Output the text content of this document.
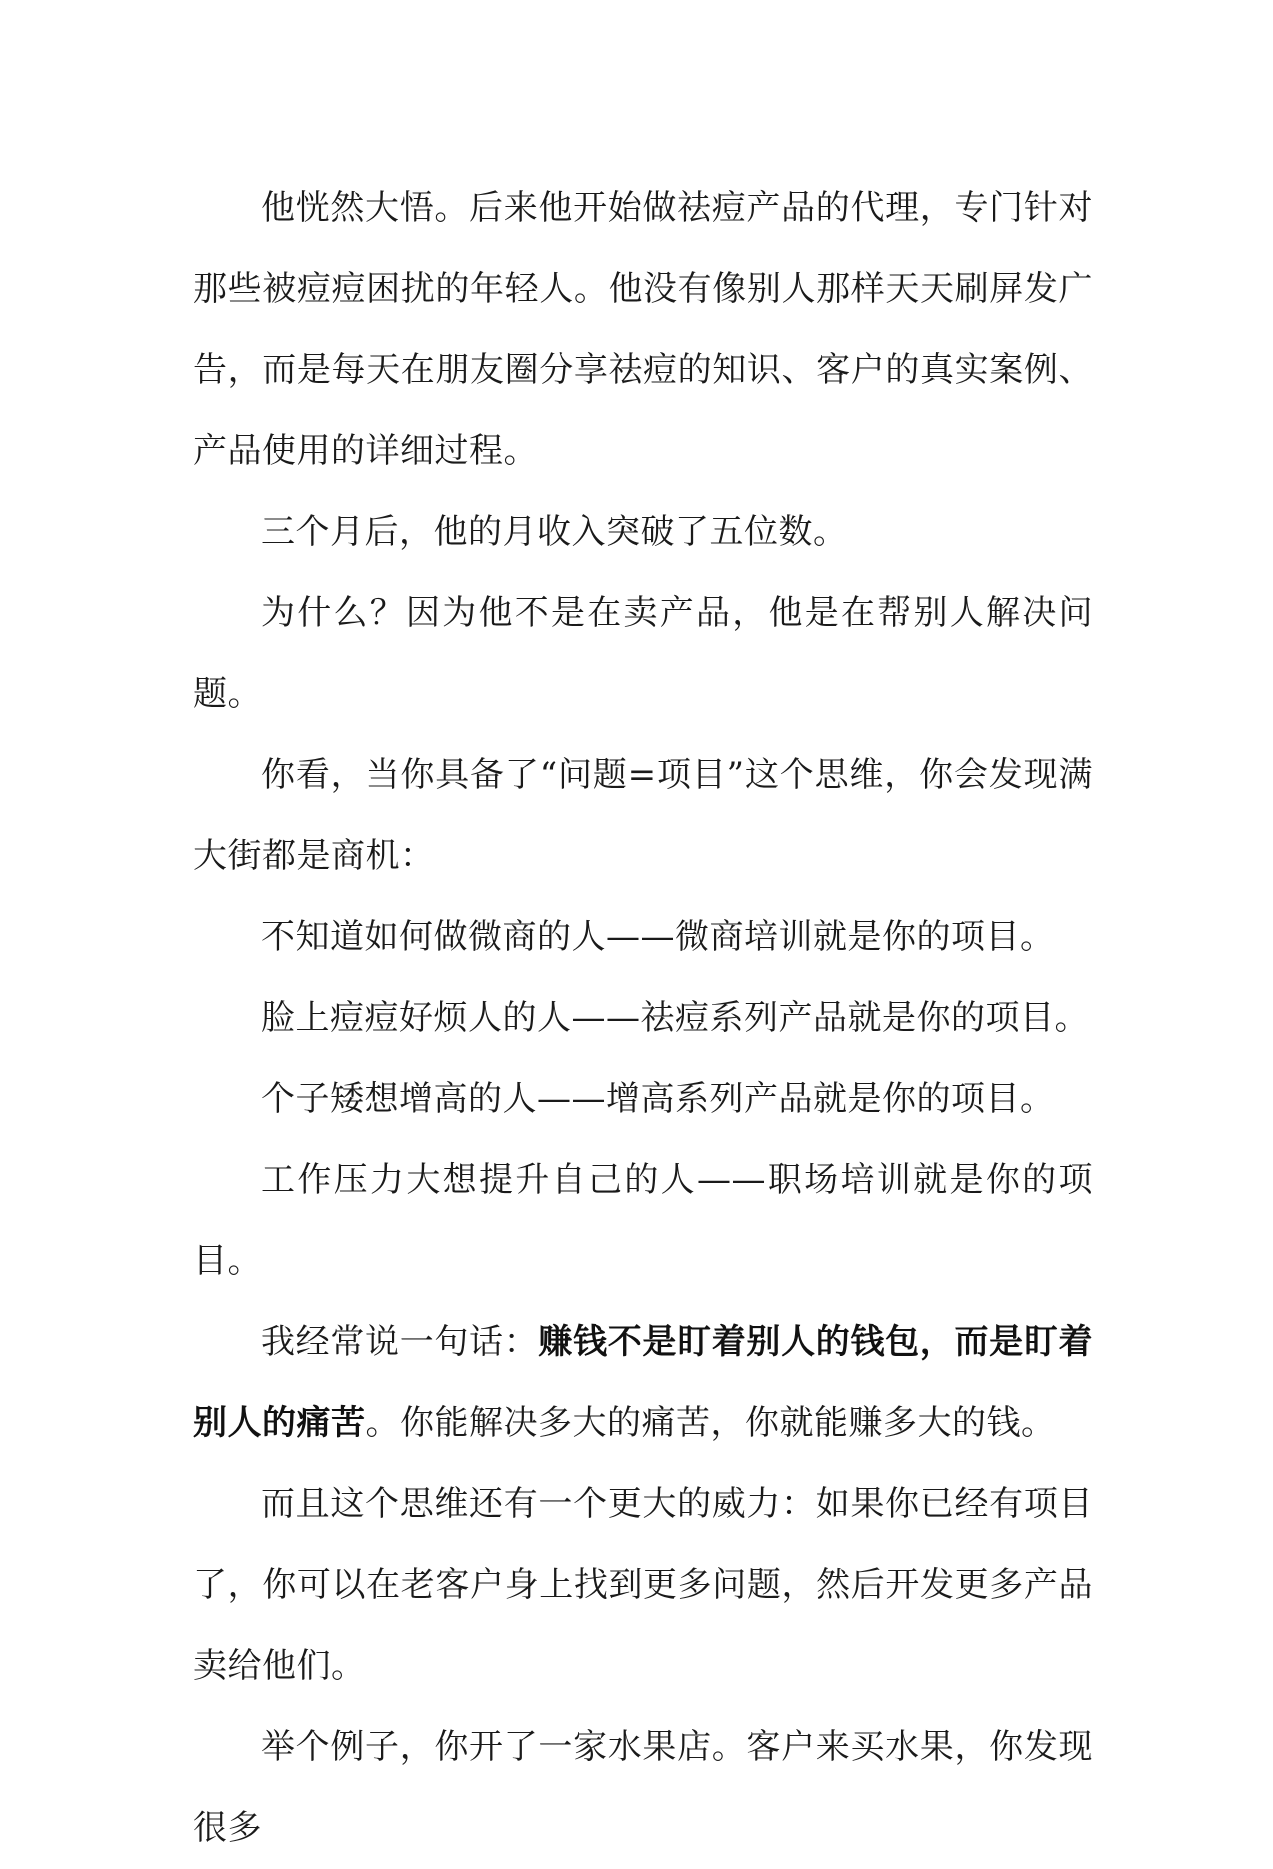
他恍然大悟。后来他开始做祛痘产品的代理，专门针对那些被痘痘困扰的年轻人。他没有像别人那样天天刷屏发广告，而是每天在朋友圈分享祛痘的知识、客户的真实案例、产品使用的详细过程。

三个月后，他的月收入突破了五位数。

为什么？因为他不是在卖产品，他是在帮别人解决问题。

你看，当你具备了“问题=项目”这个思维，你会发现满大街都是商机：

不知道如何做微商的人——微商培训就是你的项目。

脸上痘痘好烦人的人——祛痘系列产品就是你的项目。

个子矮想增高的人——增高系列产品就是你的项目。

工作压力大想提升自己的人——职场培训就是你的项目。

我经常说一句话：赚钱不是盯着别人的钱包，而是盯着别人的痛苦。你能解决多大的痛苦，你就能赚多大的钱。

而且这个思维还有一个更大的威力：如果你已经有项目了，你可以在老客户身上找到更多问题，然后开发更多产品卖给他们。

举个例子，你开了一家水果店。客户来买水果，你发现很多
